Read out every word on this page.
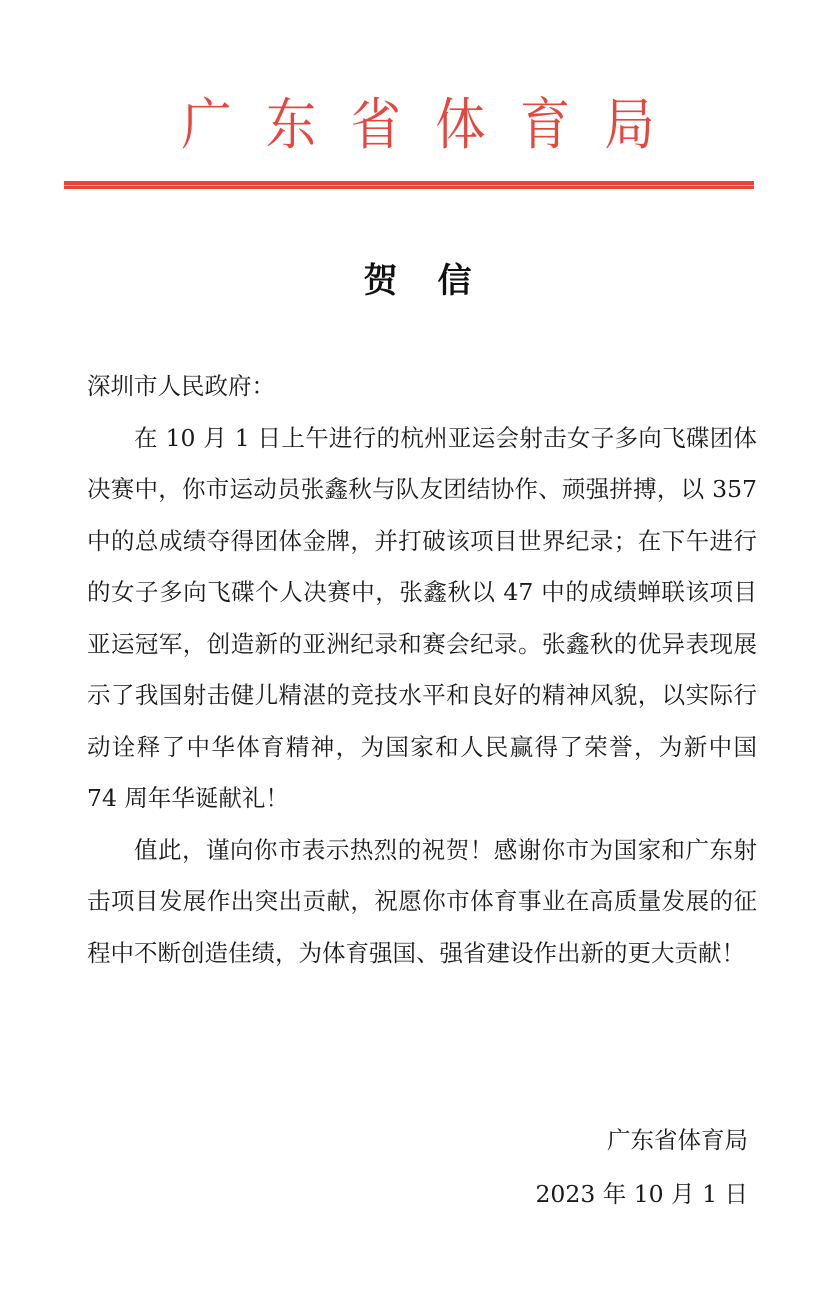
广东省体育局
贺信
深圳市人民政府：
在 10 月 1 日上午进行的杭州亚运会射击女子多向飞碟团体决赛中，你市运动员张鑫秋与队友团结协作、顽强拼搏，以 357 中的总成绩夺得团体金牌，并打破该项目世界纪录；在下午进行的女子多向飞碟个人决赛中，张鑫秋以 47 中的成绩蝉联该项目亚运冠军，创造新的亚洲纪录和赛会纪录。张鑫秋的优异表现展示了我国射击健儿精湛的竞技水平和良好的精神风貌，以实际行动诠释了中华体育精神，为国家和人民赢得了荣誉，为新中国 74 周年华诞献礼！
值此，谨向你市表示热烈的祝贺！感谢你市为国家和广东射击项目发展作出突出贡献，祝愿你市体育事业在高质量发展的征程中不断创造佳绩，为体育强国、强省建设作出新的更大贡献！
广东省体育局
2023 年 10 月 1 日
